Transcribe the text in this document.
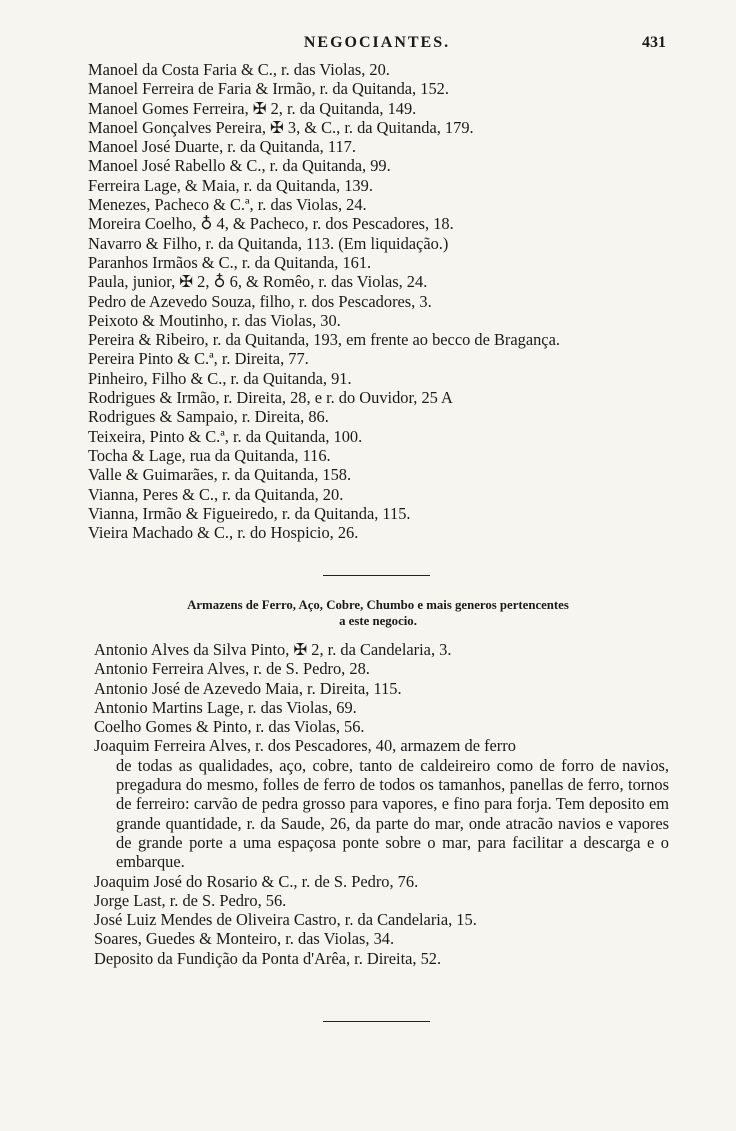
NEGOCIANTES.	431
Manoel da Costa Faria & C., r. das Violas, 20.
Manoel Ferreira de Faria & Irmão, r. da Quitanda, 152.
Manoel Gomes Ferreira, ✠ 2, r. da Quitanda, 149.
Manoel Gonçalves Pereira, ✠ 3, & C., r. da Quitanda, 179.
Manoel José Duarte, r. da Quitanda, 117.
Manoel José Rabello & C., r. da Quitanda, 99.
Ferreira Lage, & Maia, r. da Quitanda, 139.
Menezes, Pacheco & C.ª, r. das Violas, 24.
Moreira Coelho, ♁ 4, & Pacheco, r. dos Pescadores, 18.
Navarro & Filho, r. da Quitanda, 113. (Em liquidação.)
Paranhos Irmãos & C., r. da Quitanda, 161.
Paula, junior, ✠ 2, ♁ 6, & Romêo, r. das Violas, 24.
Pedro de Azevedo Souza, filho, r. dos Pescadores, 3.
Peixoto & Moutinho, r. das Violas, 30.
Pereira & Ribeiro, r. da Quitanda, 193, em frente ao becco de Bragança.
Pereira Pinto & C.ª, r. Direita, 77.
Pinheiro, Filho & C., r. da Quitanda, 91.
Rodrigues & Irmão, r. Direita, 28, e r. do Ouvidor, 25 A
Rodrigues & Sampaio, r. Direita, 86.
Teixeira, Pinto & C.ª, r. da Quitanda, 100.
Tocha & Lage, rua da Quitanda, 116.
Valle & Guimarães, r. da Quitanda, 158.
Vianna, Peres & C., r. da Quitanda, 20.
Vianna, Irmão & Figueiredo, r. da Quitanda, 115.
Vieira Machado & C., r. do Hospicio, 26.
Armazens de Ferro, Aço, Cobre, Chumbo e mais generos pertencentes
a este negocio.
Antonio Alves da Silva Pinto, ✠ 2, r. da Candelaria, 3.
Antonio Ferreira Alves, r. de S. Pedro, 28.
Antonio José de Azevedo Maia, r. Direita, 115.
Antonio Martins Lage, r. das Violas, 69.
Coelho Gomes & Pinto, r. das Violas, 56.
Joaquim Ferreira Alves, r. dos Pescadores, 40, armazem de ferro
de todas as qualidades, aço, cobre, tanto de caldeireiro como de forro de navios, pregadura do mesmo, folles de ferro de todos os tamanhos, panellas de ferro, tornos de ferreiro: carvão de pedra grosso para vapores, e fino para forja. Tem deposito em grande quantidade, r. da Saude, 26, da parte do mar, onde atracão navios e vapores de grande porte a uma espaçosa ponte sobre o mar, para facilitar a descarga e o embarque.
Joaquim José do Rosario & C., r. de S. Pedro, 76.
Jorge Last, r. de S. Pedro, 56.
José Luiz Mendes de Oliveira Castro, r. da Candelaria, 15.
Soares, Guedes & Monteiro, r. das Violas, 34.
Deposito da Fundição da Ponta d'Arêa, r. Direita, 52.
